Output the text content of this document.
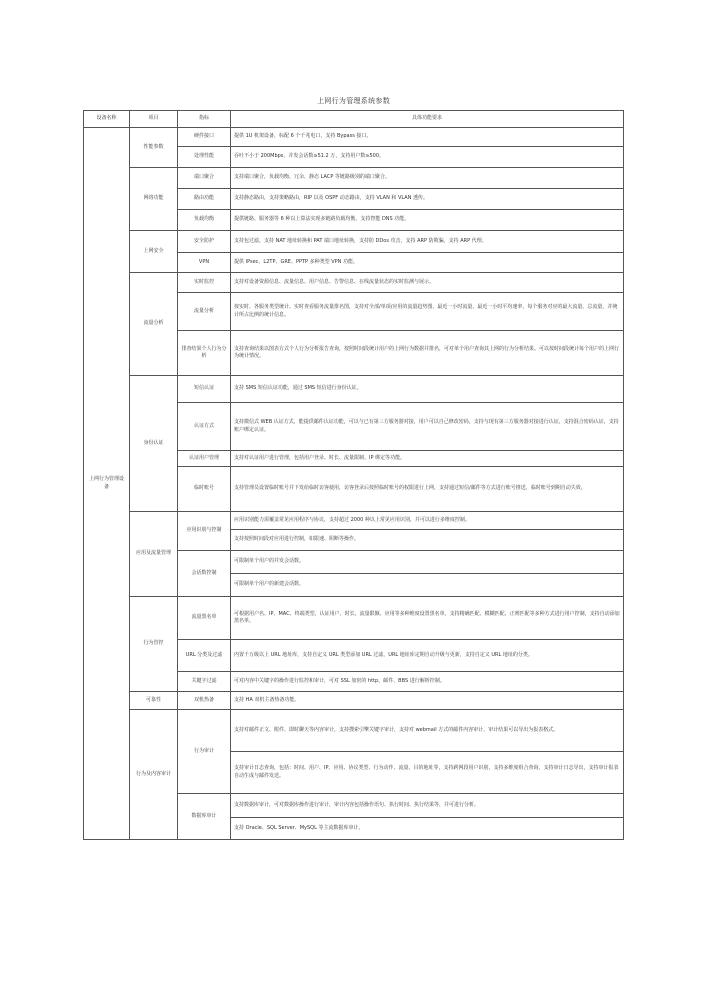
上网行为管理系统参数
设备名称	项目	指标	具体功能要求
上网行为管理设备	性能参数	硬件接口	提供 1U 机架设备，标配 6 个千兆电口，支持 Bypass 接口。
		处理性能	吞吐不小于 200Mbps，并发会话数≥51.2 万，支持用户数≥500。
	网络功能	端口聚合	支持端口聚合，负载均衡、冗余、静态 LACP 等链路级别的端口聚合。
		路由功能	支持静态路由，支持策略路由，RIP 以及 OSPF 动态路由，支持 VLAN 和 VLAN 透传。
		负载均衡	提供链路、服务器等 6 种以上算法实现多链路负载均衡，支持智能 DNS 功能。
	上网安全	安全防护	支持包过滤，支持 NAT 地址转换和 PAT 端口地址转换，支持防 DDos 攻击，支持 ARP 防欺骗，支持 ARP 代理。
		VPN	提供 IPsec、L2TP、GRE、PPTP 多种类型 VPN 功能。
	流量分析	实时监控	支持对设备资源信息、流量信息、用户信息、告警信息、在线流量状态的实时监测与展示。
		流量分析	按实时、各服务类型统计、实时查看服务流量排名图，支持对全部/单项/应用的流量趋势图，最近一小时流量，最近一小时平均速率，每个服务对应的最大流量、总流量，并统计所占比例的统计信息。
		排查结果个人行为分析	支持查询结果以图表方式个人行为分析报告查询，按照时间段统计用户的上网行为数据并排名，可对单个用户查询其上网的行为分析结果。可以按时间段统计每个用户的上网行为统计情况。
	身份认证	短信认证	支持 SMS 短信认证功能，通过 SMS 短信进行身份认证。
		认证方式	支持微信式 WEB 认证方式，能提供邮件认证功能，可以与已有第三方服务器对接，用户可以自己修改密码，支持与现有第三方服务器对接进行认证，支持混合密码认证，支持账户绑定认证。
		认证用户管理	支持对认证用户进行管理，包括用户登录、时长、流量限制、IP 绑定等功能。
		临时账号	支持管理员设置临时账号并下发给临时访客使用，访客登录后按照临时账号的权限进行上网，支持通过短信/邮件等方式进行账号推送，临时账号到期自动失效。
	应用及流量管理	应用识别与控制	应用识别能力需覆盖常见应用程序与协议，支持超过 2000 种以上常见应用识别，并可以进行多维度控制。
			支持按照时间段对应用进行控制，如限速、阻断等操作。
		会话数控制	可限制单个用户的并发会话数。
			可限制单个用户的新建会话数。
	行为管控	流量黑名单	可根据用户名、IP、MAC、终端类型、认证用户、时长、流量限额、应用等多种维度设置黑名单，支持精确匹配、模糊匹配、正则匹配等多种方式进行用户控制，支持自动添加黑名单。
		URL 分类及过滤	内置千万级以上 URL 地址库，支持自定义 URL 类型添加 URL 过滤，URL 地址库定期自动升级与更新，支持自定义 URL 地址的分类。
		关键字过滤	可对内容中关键字的操作进行监控和审计，可对 SSL 加密的 http、邮件、BBS 进行解析控制。
	可靠性	双机热备	支持 HA 双机主备热备功能。
	行为及内容审计	行为审计	支持对邮件正文、附件、即时聊天等内容审计，支持搜索引擎关键字审计，支持对 webmail 方式的邮件内容审计，审计结果可以导出为报表格式。
			支持审计日志查询，包括：时间、用户、IP、应用、协议类型、行为动作、流量、目的地址等，支持跨网段用户识别，支持多维度组合查询，支持审计日志导出，支持审计报表自动生成与邮件发送。
		数据库审计	支持数据库审计，可对数据库操作进行审计，审计内容包括操作语句、执行时间、执行结果等，并可进行分析。
			支持 Oracle、SQL Server、MySQL 等主流数据库审计。
